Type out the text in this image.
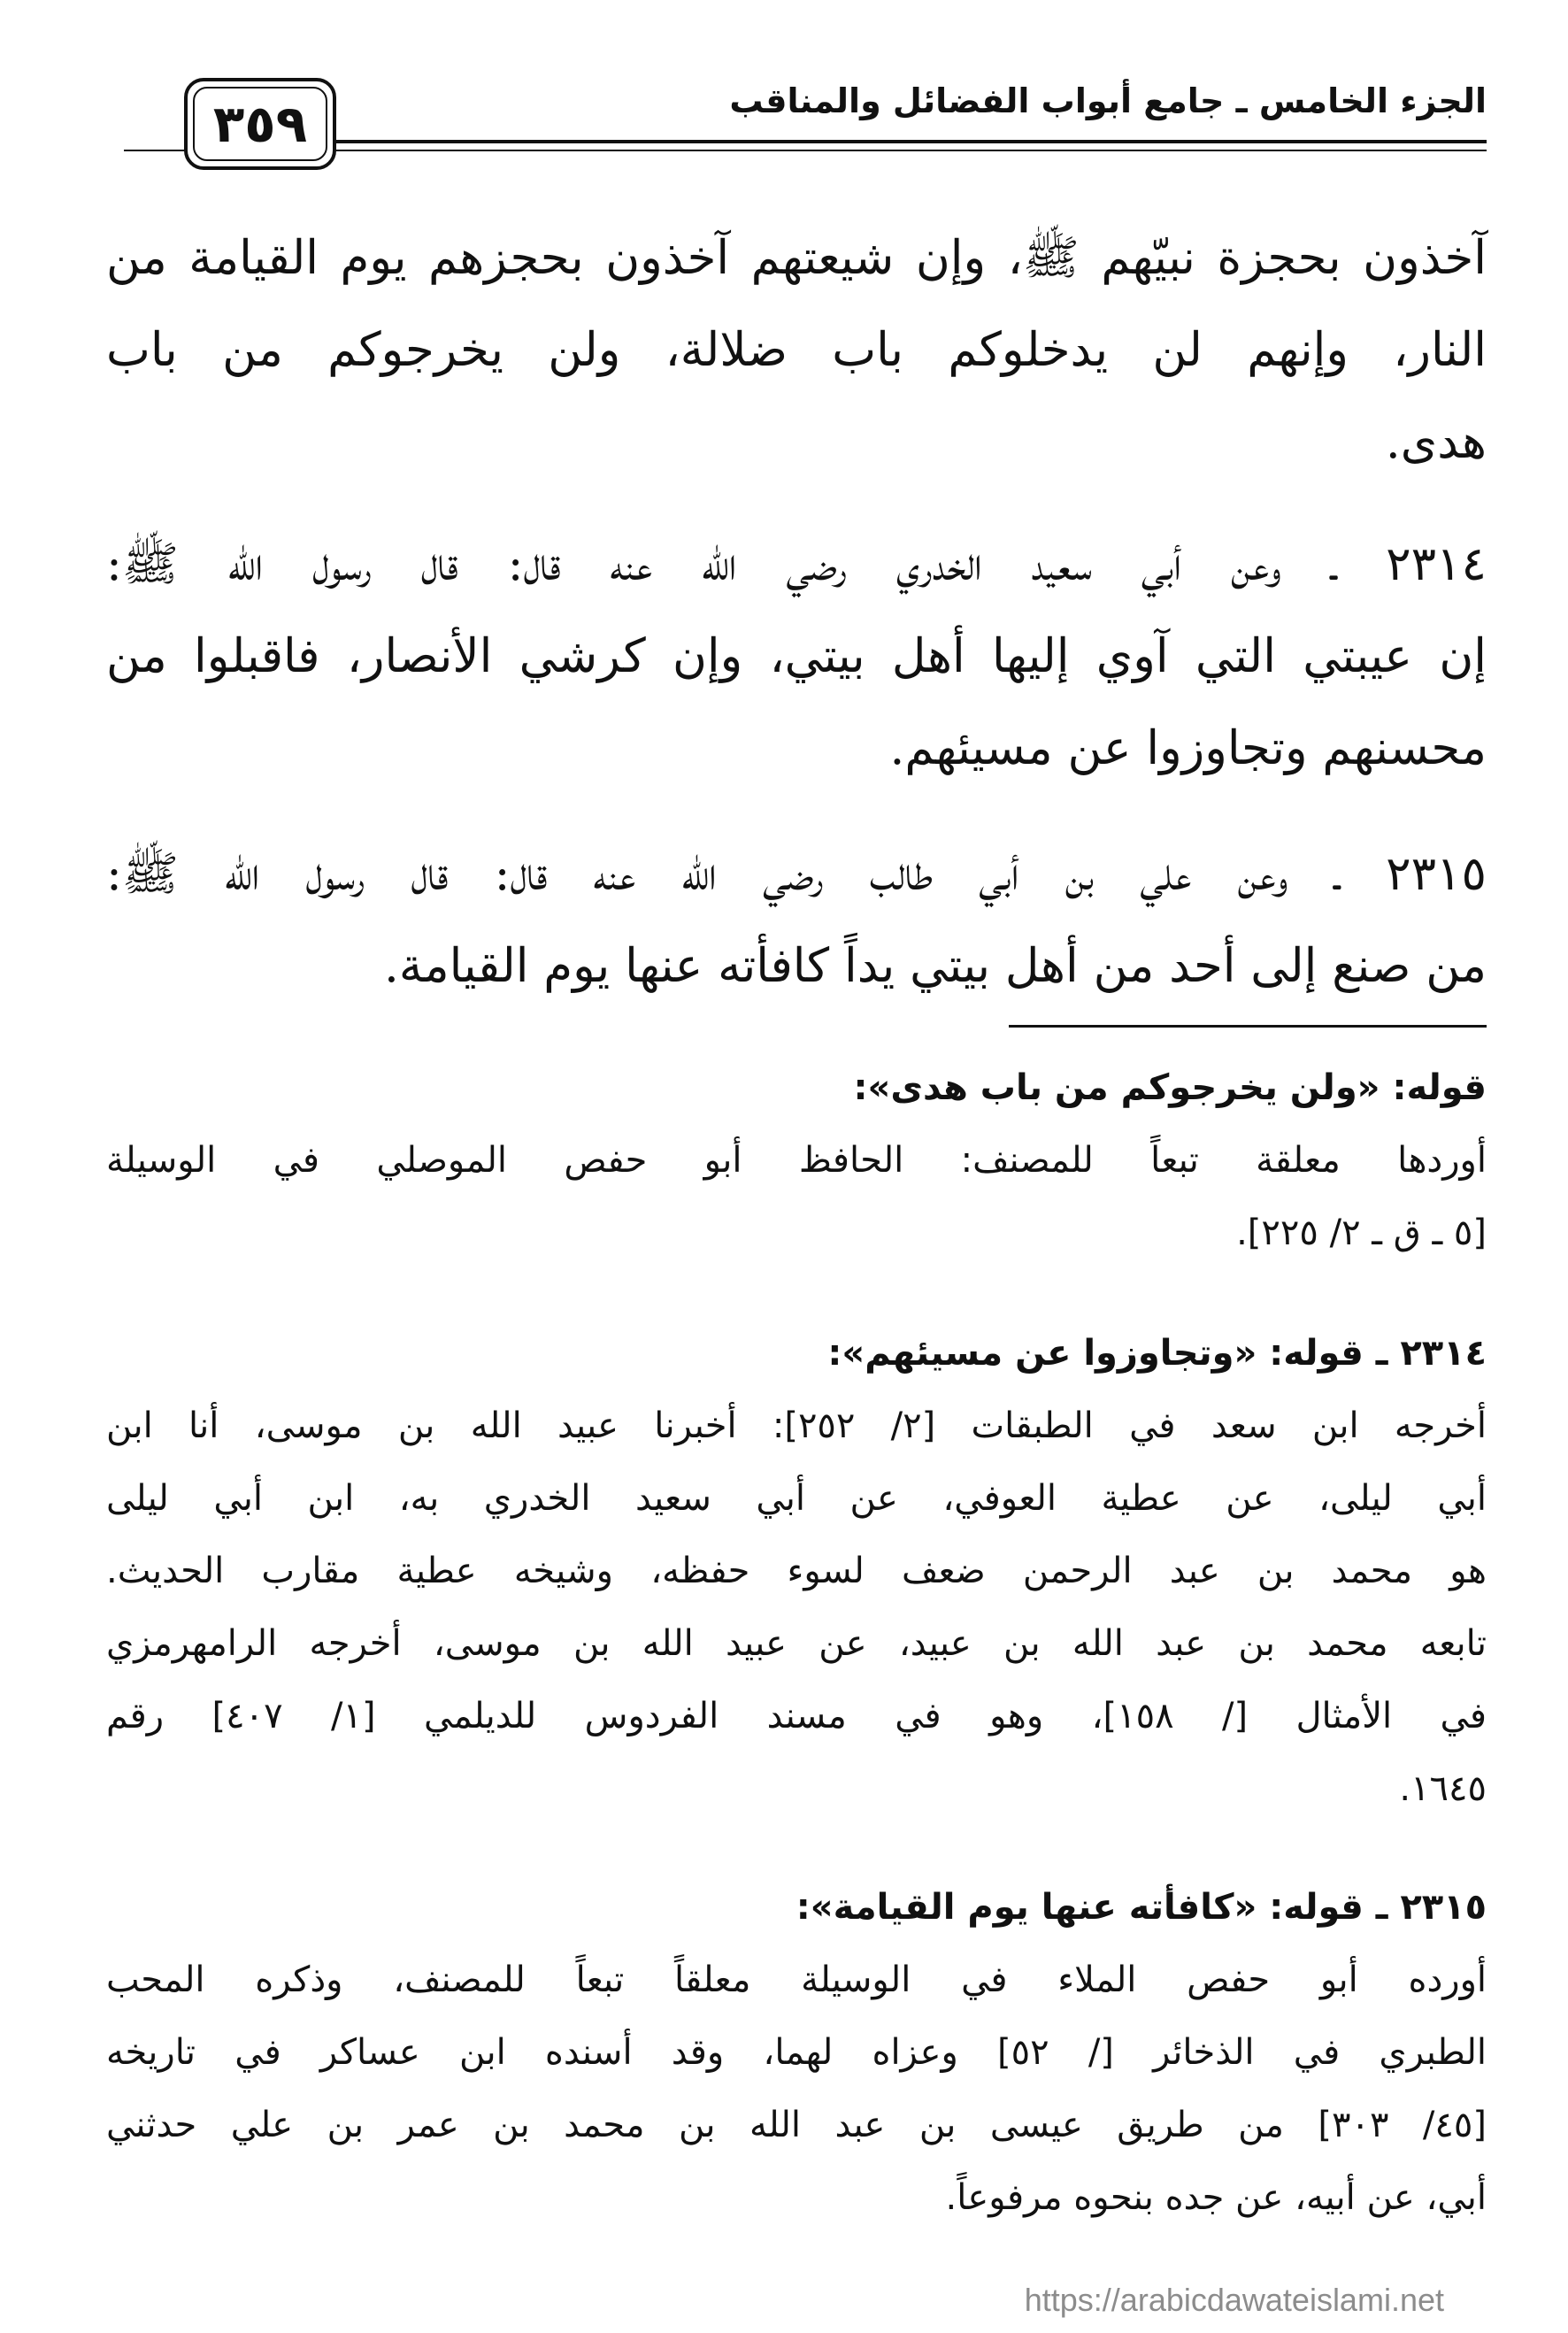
الجزء الخامس ـ جامع أبواب الفضائل والمناقب
٣٥٩
آخذون بحجزة نبيّهم ﷺ، وإن شيعتهم آخذون بحجزهم يوم القيامة من
النار، وإنهم لن يدخلوكم باب ضلالة، ولن يخرجوكم من باب
هدى.
٢٣١٤ ـ وعن أبي سعيد الخدري رضي الله عنه قال: قال رسول الله ﷺ:
إن عيبتي التي آوي إليها أهل بيتي، وإن كرشي الأنصار، فاقبلوا من
محسنهم وتجاوزوا عن مسيئهم.
٢٣١٥ ـ وعن علي بن أبي طالب رضي الله عنه قال: قال رسول الله ﷺ:
من صنع إلى أحد من أهل بيتي يداً كافأته عنها يوم القيامة.
قوله: «ولن يخرجوكم من باب هدى»:
أوردها معلقة تبعاً للمصنف: الحافظ أبو حفص الموصلي في الوسيلة
[٥ ـ ق ـ ٢/ ٢٢٥].
٢٣١٤ ـ قوله: «وتجاوزوا عن مسيئهم»:
أخرجه ابن سعد في الطبقات [٢/ ٢٥٢]: أخبرنا عبيد الله بن موسى، أنا ابن
أبي ليلى، عن عطية العوفي، عن أبي سعيد الخدري به، ابن أبي ليلى
هو محمد بن عبد الرحمن ضعف لسوء حفظه، وشيخه عطية مقارب الحديث.
تابعه محمد بن عبد الله بن عبيد، عن عبيد الله بن موسى، أخرجه الرامهرمزي
في الأمثال [/ ١٥٨]، وهو في مسند الفردوس للديلمي [١/ ٤٠٧] رقم
١٦٤٥.
٢٣١٥ ـ قوله: «كافأته عنها يوم القيامة»:
أورده أبو حفص الملاء في الوسيلة معلقاً تبعاً للمصنف، وذكره المحب
الطبري في الذخائر [/ ٥٢] وعزاه لهما، وقد أسنده ابن عساكر في تاريخه
[٤٥/ ٣٠٣] من طريق عيسى بن عبد الله بن محمد بن عمر بن علي حدثني
أبي، عن أبيه، عن جده بنحوه مرفوعاً.
https://arabicdawateislami.net
